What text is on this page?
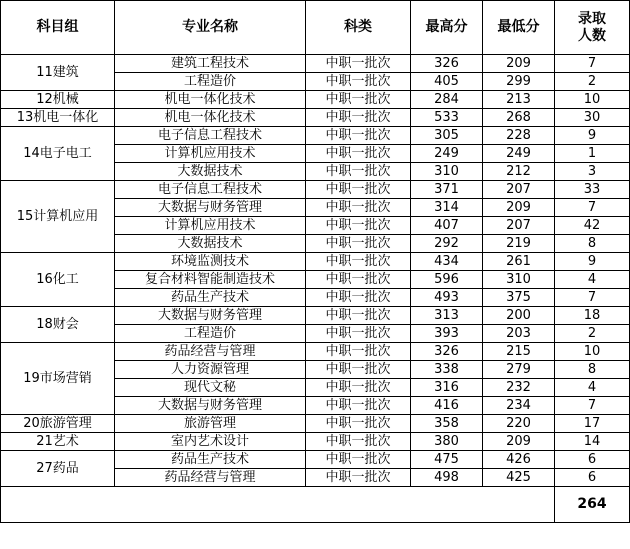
科目组	专业名称	科类	最高分	最低分	录取
人数
11建筑	建筑工程技术	中职一批次	326	209	7
	工程造价	中职一批次	405	299	2
12机械	机电一体化技术	中职一批次	284	213	10
13机电一体化	机电一体化技术	中职一批次	533	268	30
14电子电工	电子信息工程技术	中职一批次	305	228	9
	计算机应用技术	中职一批次	249	249	1
	大数据技术	中职一批次	310	212	3
15计算机应用	电子信息工程技术	中职一批次	371	207	33
	大数据与财务管理	中职一批次	314	209	7
	计算机应用技术	中职一批次	407	207	42
	大数据技术	中职一批次	292	219	8
16化工	环境监测技术	中职一批次	434	261	9
	复合材料智能制造技术	中职一批次	596	310	4
	药品生产技术	中职一批次	493	375	7
18财会	大数据与财务管理	中职一批次	313	200	18
	工程造价	中职一批次	393	203	2
19市场营销	药品经营与管理	中职一批次	326	215	10
	人力资源管理	中职一批次	338	279	8
	现代文秘	中职一批次	316	232	4
	大数据与财务管理	中职一批次	416	234	7
20旅游管理	旅游管理	中职一批次	358	220	17
21艺术	室内艺术设计	中职一批次	380	209	14
27药品	药品生产技术	中职一批次	475	426	6
	药品经营与管理	中职一批次	498	425	6
					264
